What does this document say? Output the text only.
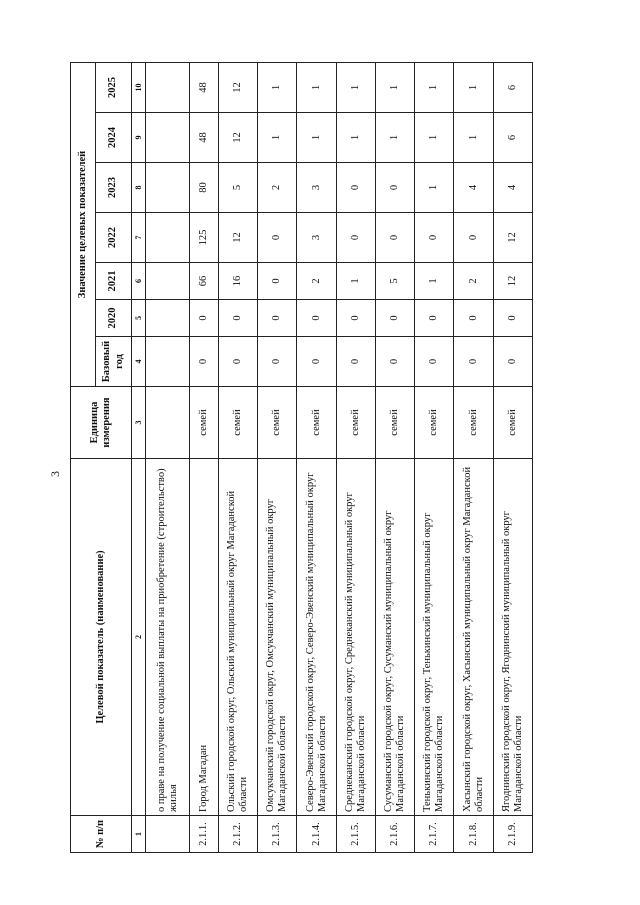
3
№ п/п	Целевой показатель (наименование)	Единица измерения	Значение целевых показателей						
			Базовый год	2020	2021	2022	2023	2024	2025
1	2	3	4	5	6	7	8	9	10
	о праве на получение социальной выплаты на приобретение (строительство) жилья								
2.1.1.	Город Магадан	семей	0	0	66	125	80	48	48
2.1.2.	Ольский городской округ, Ольский муниципальный округ Магаданской области	семей	0	0	16	12	5	12	12
2.1.3.	Омсукчанский городской округ, Омсукчанский муниципальный округ Магаданской области	семей	0	0	0	0	2	1	1
2.1.4.	Северо-Эвенский городской округ, Северо-Эвенский муниципальный округ Магаданской области	семей	0	0	2	3	3	1	1
2.1.5.	Среднеканский городской округ, Среднеканский муниципальный округ Магаданской области	семей	0	0	1	0	0	1	1
2.1.6.	Сусуманский городской округ, Сусуманский муниципальный округ Магаданской области	семей	0	0	5	0	0	1	1
2.1.7.	Тенькинский городской округ, Тенькинский муниципальный округ Магаданской области	семей	0	0	1	0	1	1	1
2.1.8.	Хасынский городской округ, Хасынский муниципальный округ Магаданской области	семей	0	0	2	0	4	1	1
2.1.9.	Ягоднинский городской округ, Ягоднинский муниципальный округ Магаданской области	семей	0	0	12	12	4	6	6
